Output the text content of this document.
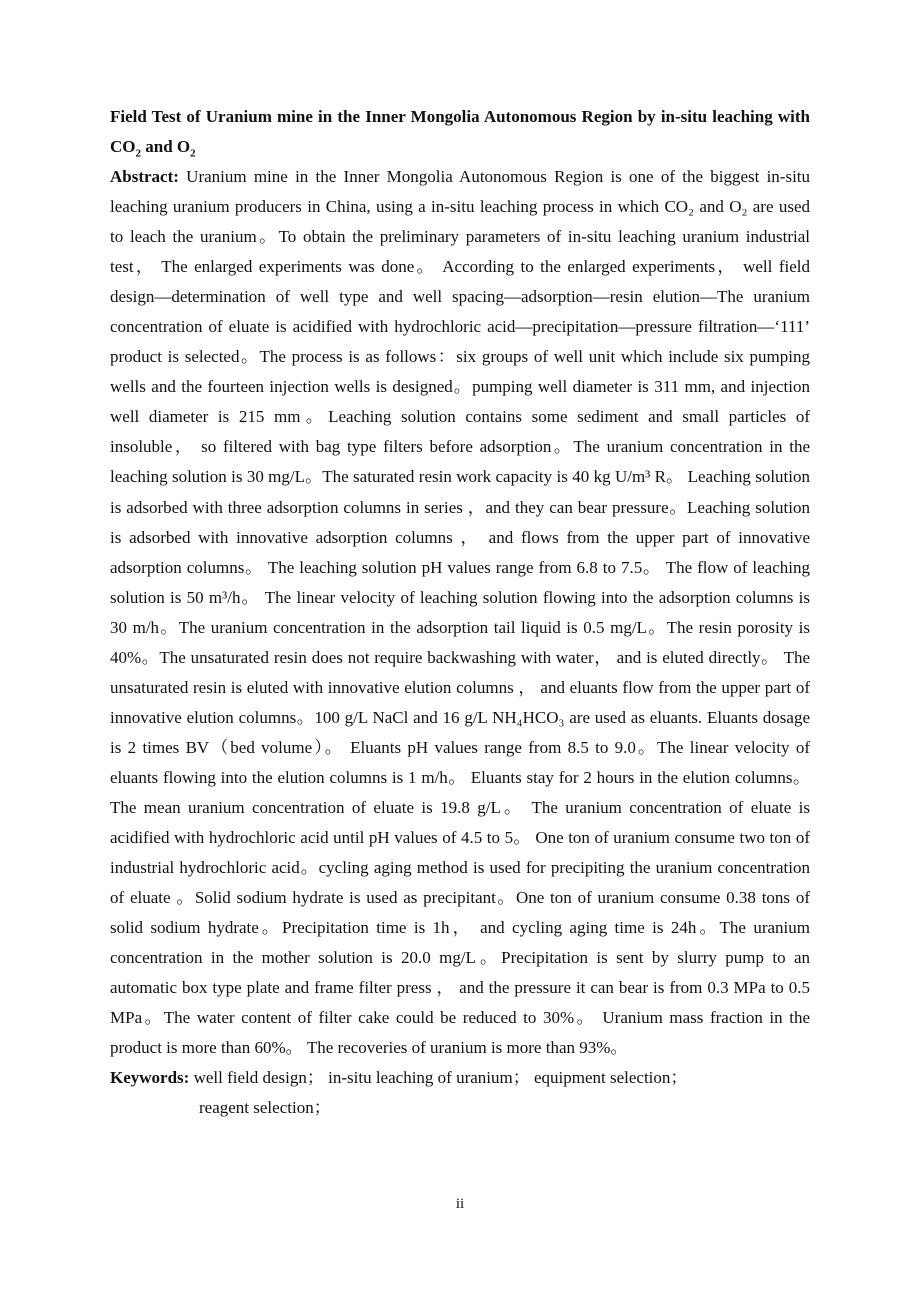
Field Test of Uranium mine in the Inner Mongolia Autonomous Region by in-situ leaching with $CO_2$ and $O_2$

Abstract: Uranium mine in the Inner Mongolia Autonomous Region is one of the biggest in-situ leaching uranium producers in China, using a in-situ leaching process in which CO₂ and O₂ are used to leach the uranium。To obtain the preliminary parameters of in-situ leaching uranium industrial test， The enlarged experiments was done。 According to the enlarged experiments， well field design—determination of well type and well spacing—adsorption—resin elution—The uranium concentration of eluate is acidified with hydrochloric acid—precipitation—pressure filtration—‘111’ product is selected。The process is as follows：six groups of well unit which include six pumping wells and the fourteen injection wells is designed。pumping well diameter is 311 mm, and injection well diameter is 215 mm。Leaching solution contains some sediment and small particles of insoluble， so filtered with bag type filters before adsorption。The uranium concentration in the leaching solution is 30 mg/L。The saturated resin work capacity is 40 kg U/m³ R。 Leaching solution is adsorbed with three adsorption columns in series ，and they can bear pressure。Leaching solution is adsorbed with innovative adsorption columns ， and flows from the upper part of innovative adsorption columns。 The leaching solution pH values range from 6.8 to 7.5。 The flow of leaching solution is 50 m³/h。 The linear velocity of leaching solution flowing into the adsorption columns is 30 m/h。The uranium concentration in the adsorption tail liquid is 0.5 mg/L。The resin porosity is 40%。The unsaturated resin does not require backwashing with water， and is eluted directly。 The unsaturated resin is eluted with innovative elution columns ， and eluants flow from the upper part of innovative elution columns。100 g/L NaCl and 16 g/L NH₄HCO₃ are used as eluants. Eluants dosage is 2 times BV（bed volume）。 Eluants pH values range from 8.5 to 9.0。The linear velocity of eluants flowing into the elution columns is 1 m/h。 Eluants stay for 2 hours in the elution columns。 The mean uranium concentration of eluate is 19.8 g/L。 The uranium concentration of eluate is acidified with hydrochloric acid until pH values of 4.5 to 5。 One ton of uranium consume two ton of industrial hydrochloric acid。cycling aging method is used for precipiting the uranium concentration of eluate 。Solid sodium hydrate is used as precipitant。One ton of uranium consume 0.38 tons of solid sodium hydrate。Precipitation time is 1h， and cycling aging time is 24h。The uranium concentration in the mother solution is 20.0 mg/L。Precipitation is sent by slurry pump to an automatic box type plate and frame filter press ， and the pressure it can bear is from 0.3 MPa to 0.5 MPa。The water content of filter cake could be reduced to 30%。 Uranium mass fraction in the product is more than 60%。 The recoveries of uranium is more than 93%。

Keywords: well field design； in-situ leaching of uranium； equipment selection；

reagent selection；

ii
